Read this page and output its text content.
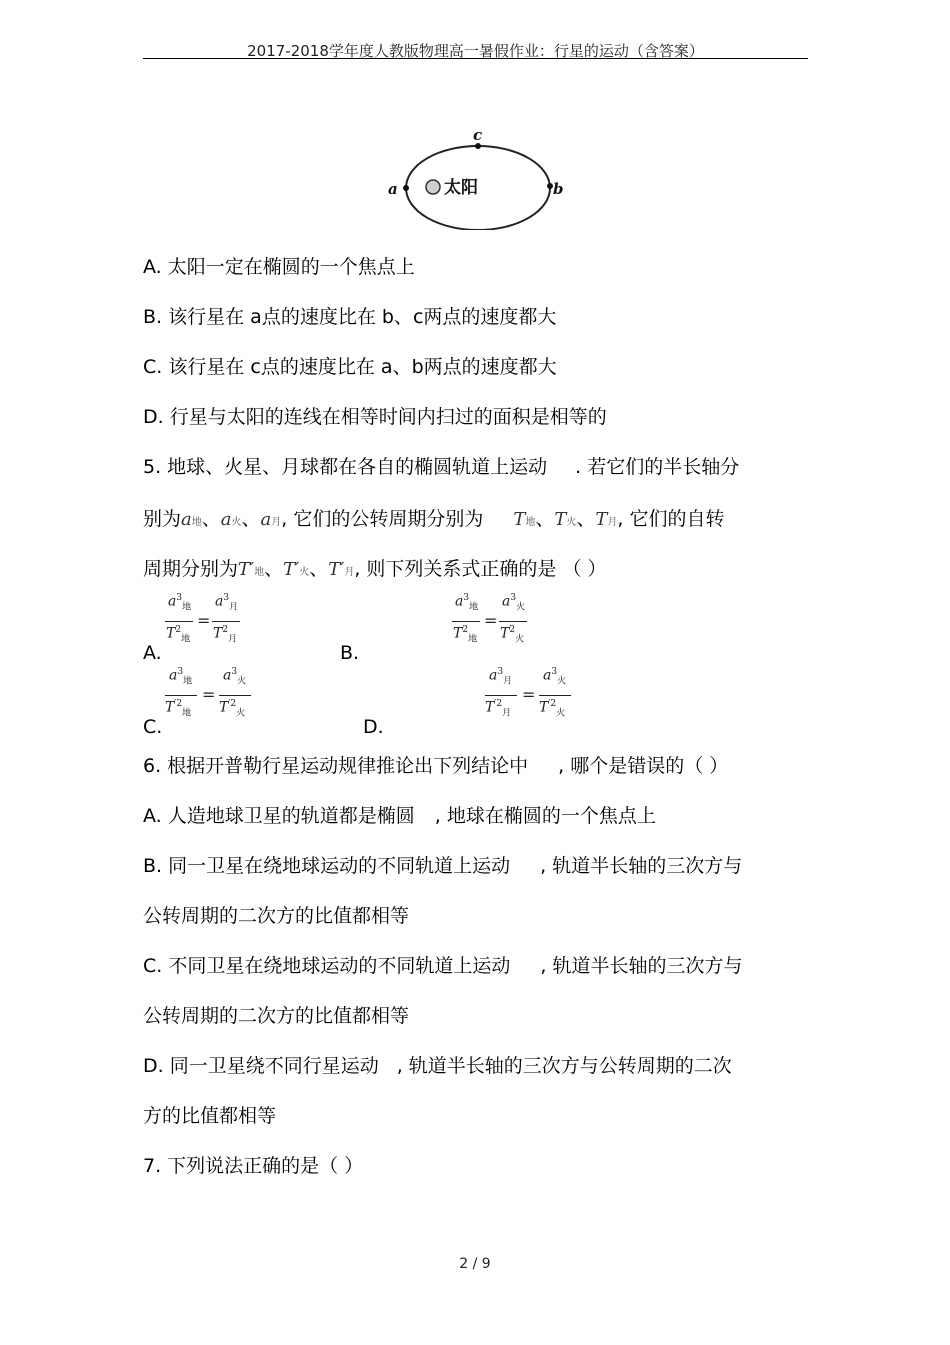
2017-2018学年度人教版物理高一暑假作业：行星的运动（含答案）
太阳
a	b
c
A. 太阳一定在椭圆的一个焦点上
B. 该行星在 a点的速度比在 b、c两点的速度都大
C. 该行星在 c点的速度比在 a、b两点的速度都大
D. 行星与太阳的连线在相等时间内扫过的面积是相等的
5. 地球、火星、月球都在各自的椭圆轨道上运动 . 若它们的半长轴分
别为a地、a火、a月, 它们的公转周期分别为 T地、T火、T月, 它们的自转
周期分别为T′地、T′火、T′月, 则下列关系式正确的是 （ ）
A.
$a^3_地$
$T^2_地$
=
$a^3_月$
$T^2_月$
B.
$a^3_地$
$T^2_地$
=
$a^3_火$
$T^2_火$
C.
$a^3_地$
$T^{'2}_地$
=
$a^3_火$
$T^{'2}_火$
D.
$a^3_月$
$T^{'2}_月$
=
$a^3_火$
$T^{'2}_火$
6. 根据开普勒行星运动规律推论出下列结论中 , 哪个是错误的（ ）
A. 人造地球卫星的轨道都是椭圆 , 地球在椭圆的一个焦点上
B. 同一卫星在绕地球运动的不同轨道上运动 , 轨道半长轴的三次方与
公转周期的二次方的比值都相等
C. 不同卫星在绕地球运动的不同轨道上运动 , 轨道半长轴的三次方与
公转周期的二次方的比值都相等
D. 同一卫星绕不同行星运动 , 轨道半长轴的三次方与公转周期的二次
方的比值都相等
7. 下列说法正确的是（ ）
2 / 9
